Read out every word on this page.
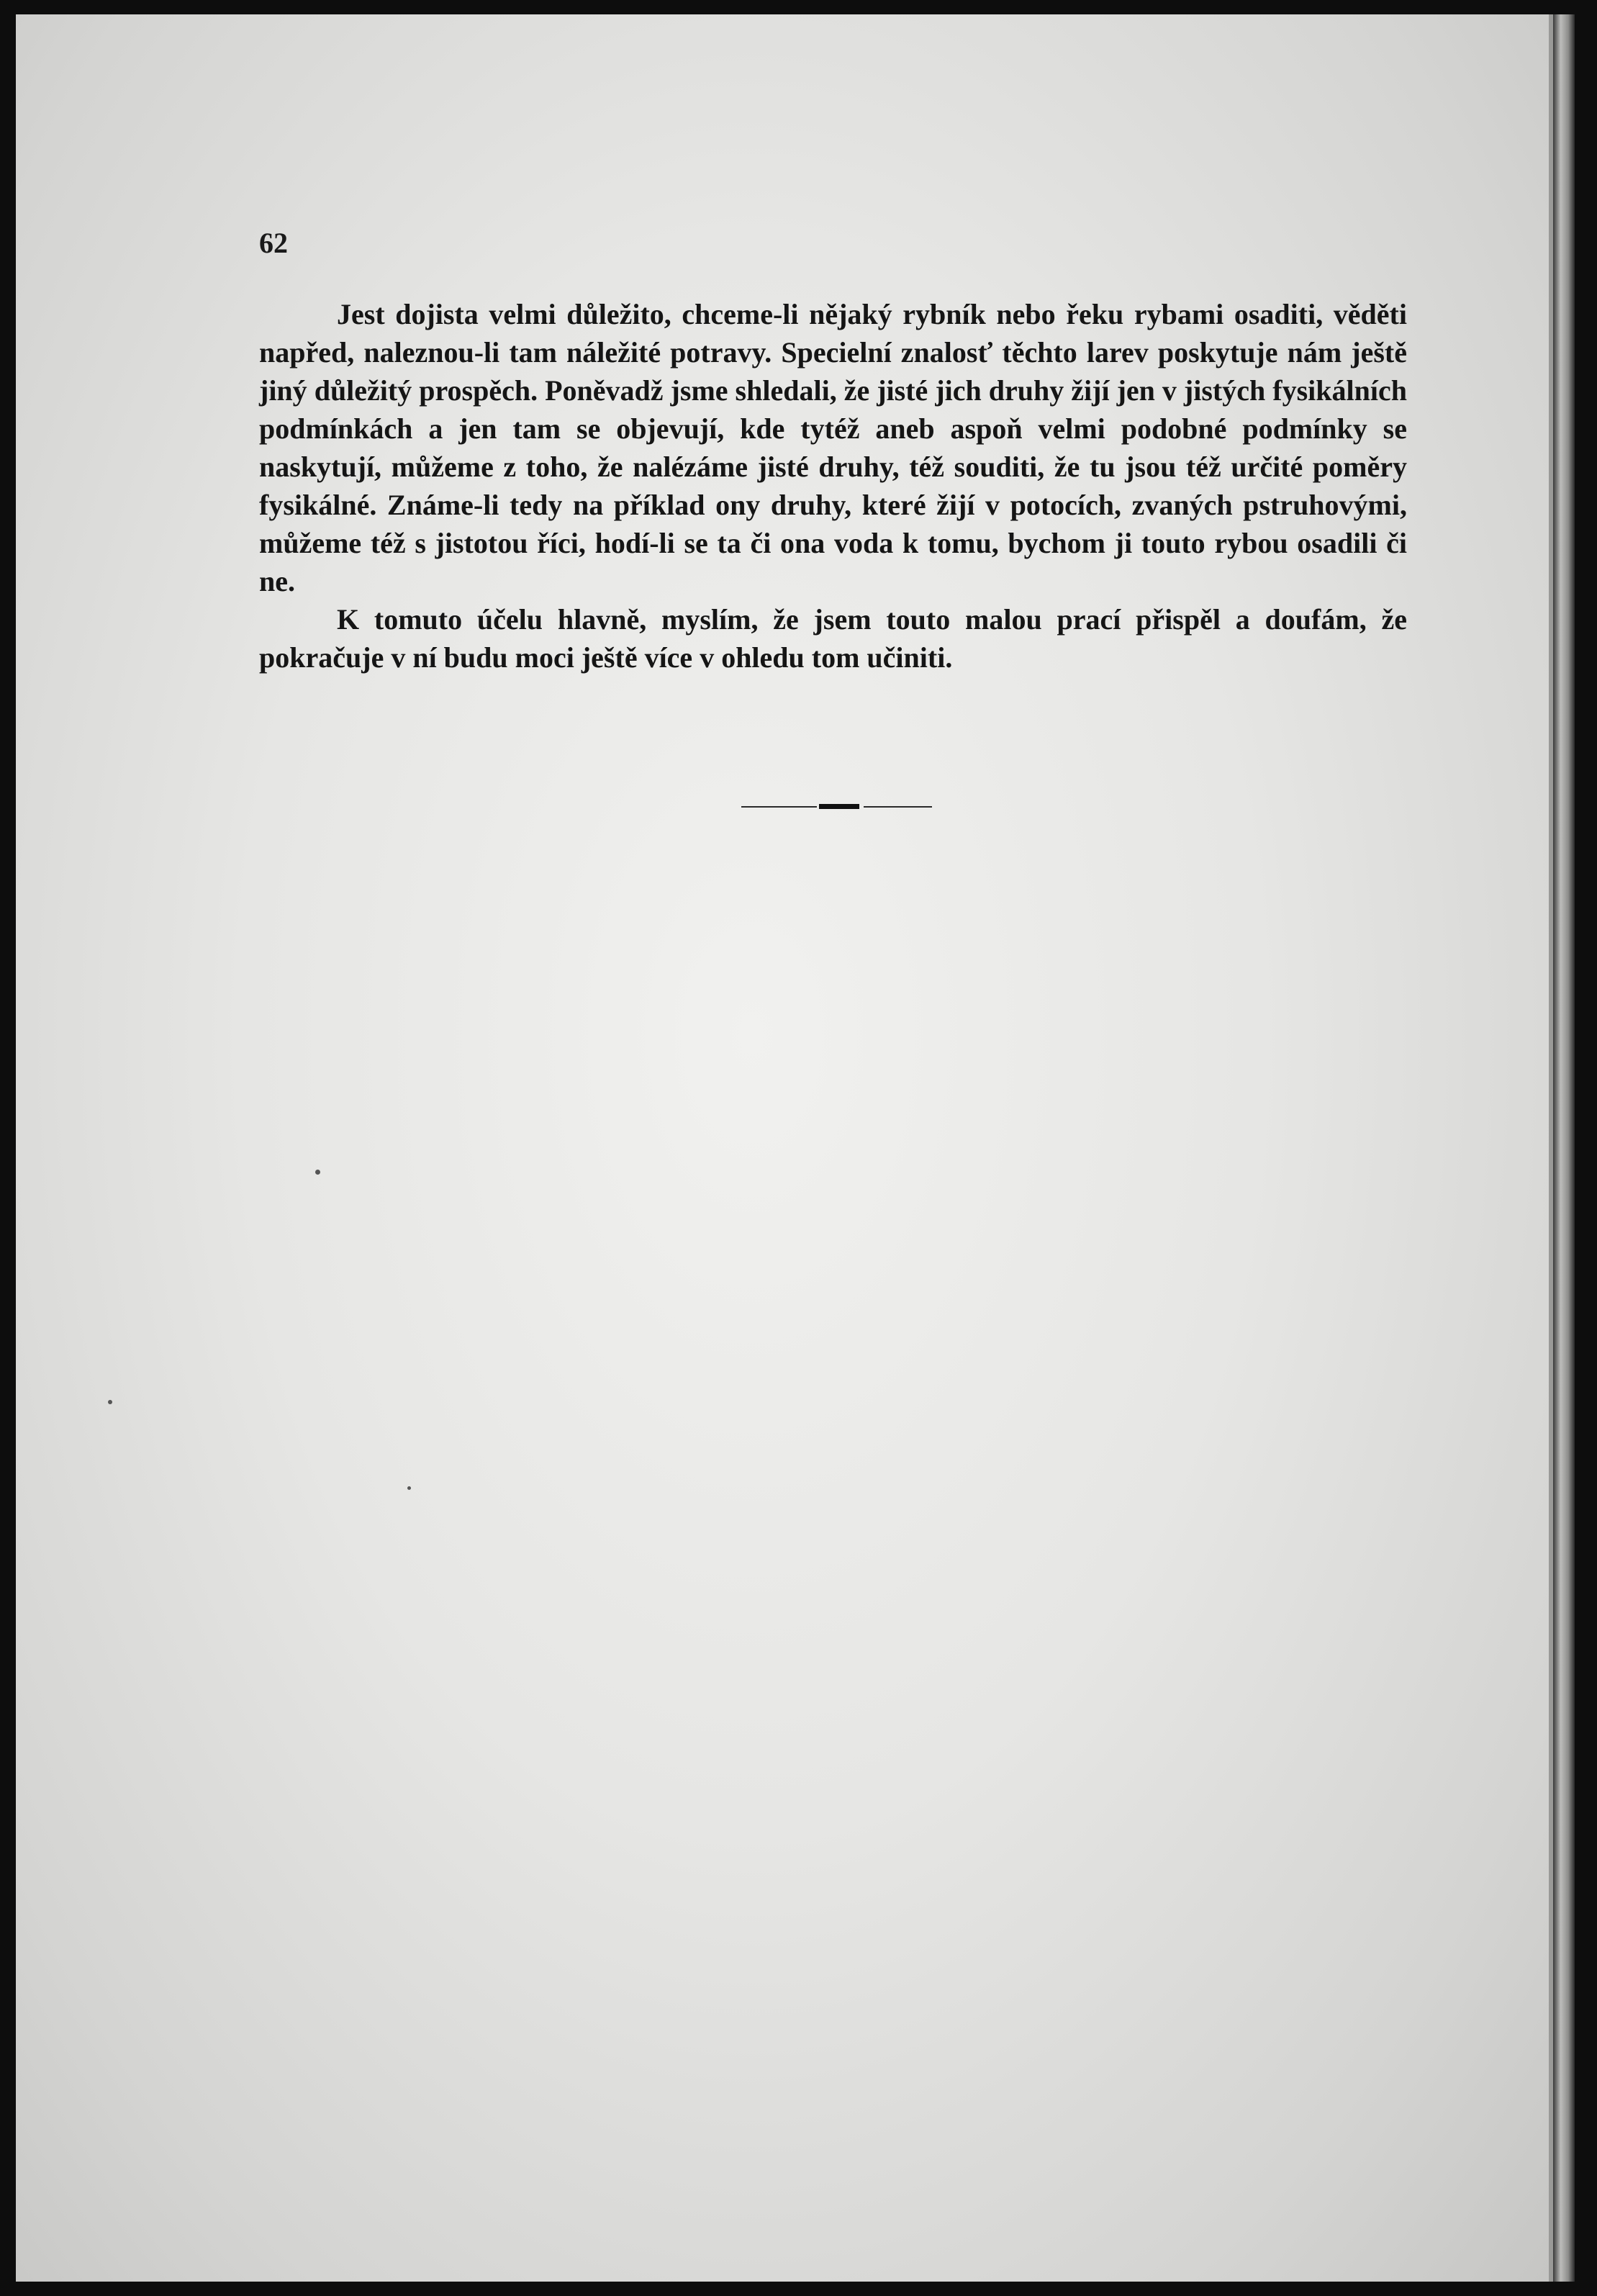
62

Jest dojista velmi důležito, chceme-li nějaký rybník nebo řeku rybami osaditi, věděti napřed, naleznou-li tam náležité potravy. Specielní znalosť těchto larev poskytuje nám ještě jiný důležitý prospěch. Poněvadž jsme shledali, že jisté jich druhy žijí jen v jistých fysikálních podmínkách a jen tam se objevují, kde tytéž aneb aspoň velmi podobné podmínky se naskytují, můžeme z toho, že nalézáme jisté druhy, též souditi, že tu jsou též určité poměry fysikálné. Známe-li tedy na příklad ony druhy, které žijí v potocích, zvaných pstruhovými, můžeme též s jistotou říci, hodí-li se ta či ona voda k tomu, bychom ji touto rybou osadili či ne.

K tomuto účelu hlavně, myslím, že jsem touto malou prací přispěl a doufám, že pokračuje v ní budu moci ještě více v ohledu tom učiniti.
